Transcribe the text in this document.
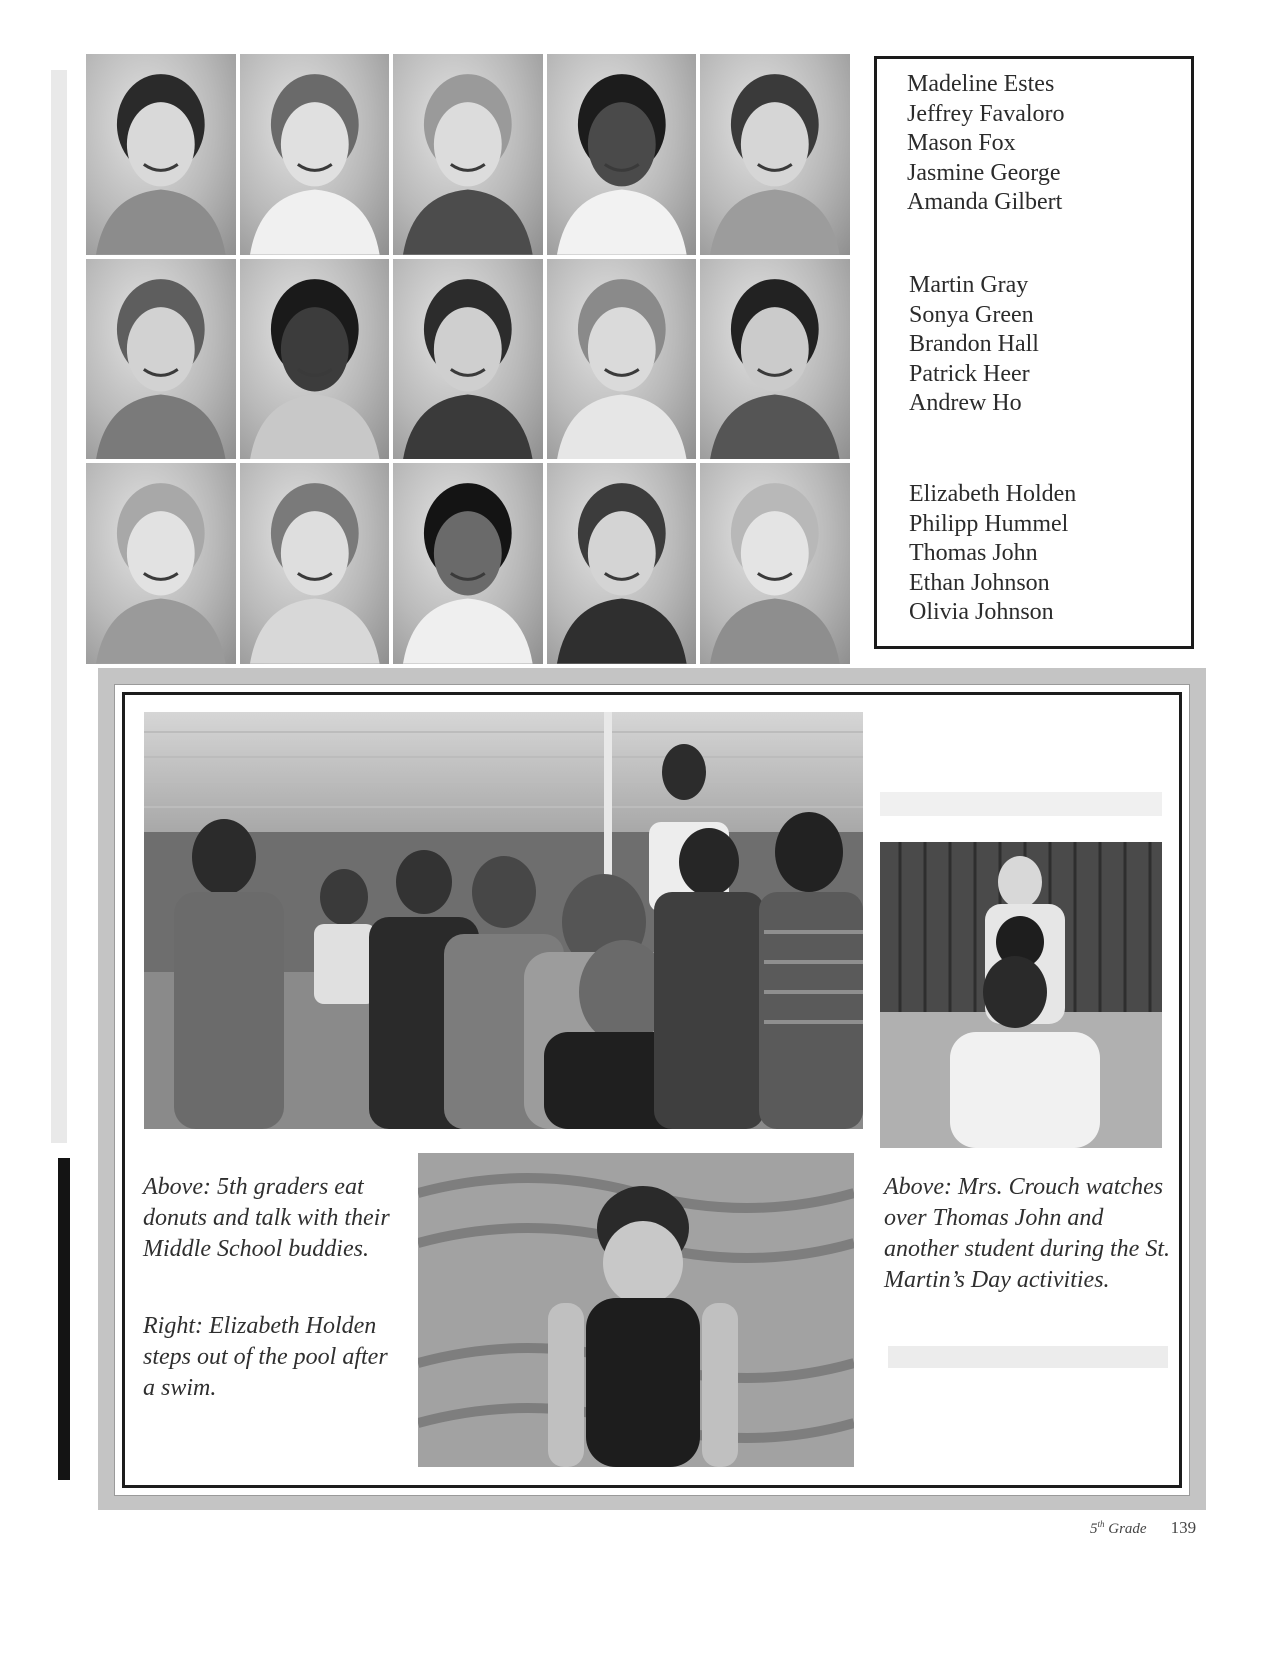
Madeline Estes
Jeffrey Favaloro
Mason Fox
Jasmine George
Amanda Gilbert
Martin Gray
Sonya Green
Brandon Hall
Patrick Heer
Andrew Ho
Elizabeth Holden
Philipp Hummel
Thomas John
Ethan Johnson
Olivia Johnson

Above: 5th graders eat donuts and talk with their Middle School buddies.

Right: Elizabeth Holden steps out of the pool after a swim.

Above: Mrs. Crouch watches over Thomas John and another student during the St. Martin’s Day activities.

5th Grade 139
